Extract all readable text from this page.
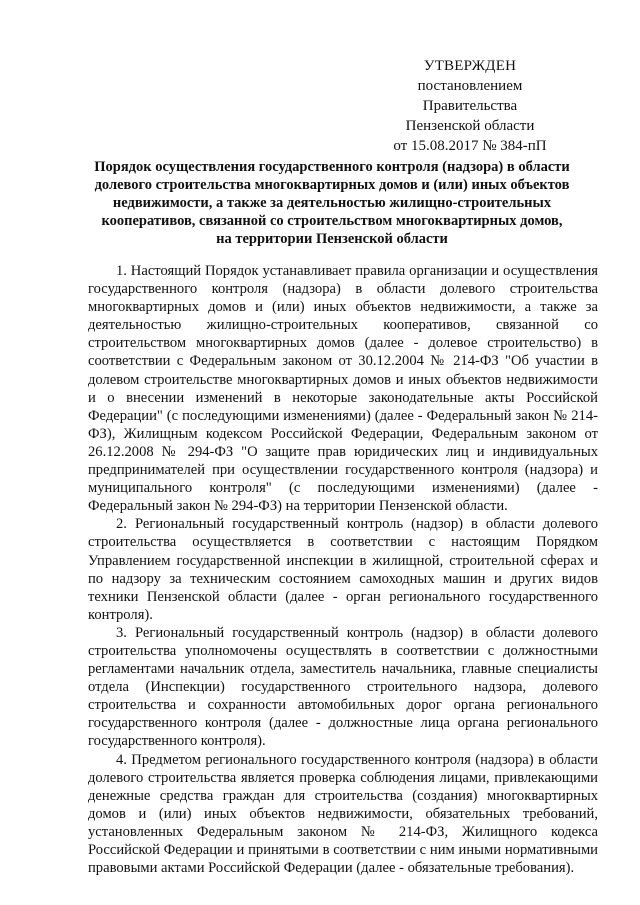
УТВЕРЖДЕН
постановлением Правительства
Пензенской области
от 15.08.2017 № 384-пП
Порядок осуществления государственного контроля (надзора) в области
долевого строительства многоквартирных домов и (или) иных объектов
недвижимости, а также за деятельностью жилищно-строительных
кооперативов, связанной со строительством многоквартирных домов,
на территории Пензенской области

1. Настоящий Порядок устанавливает правила организации и осуществления государственного контроля (надзора) в области долевого строительства многоквартирных домов и (или) иных объектов недвижимости, а также за деятельностью жилищно-строительных кооперативов, связанной со строительством многоквартирных домов (далее - долевое строительство) в соответствии с Федеральным законом от 30.12.2004 № 214-ФЗ "Об участии в долевом строительстве многоквартирных домов и иных объектов недвижимости и о внесении изменений в некоторые законодательные акты Российской Федерации" (с последующими изменениями) (далее - Федеральный закон № 214-ФЗ), Жилищным кодексом Российской Федерации, Федеральным законом от 26.12.2008 № 294-ФЗ "О защите прав юридических лиц и индивидуальных предпринимателей при осуществлении государственного контроля (надзора) и муниципального контроля" (с последующими изменениями) (далее - Федеральный закон № 294-ФЗ) на территории Пензенской области.

2. Региональный государственный контроль (надзор) в области долевого строительства осуществляется в соответствии с настоящим Порядком Управлением государственной инспекции в жилищной, строительной сферах и по надзору за техническим состоянием самоходных машин и других видов техники Пензенской области (далее - орган регионального государственного контроля).

3. Региональный государственный контроль (надзор) в области долевого строительства уполномочены осуществлять в соответствии с должностными регламентами начальник отдела, заместитель начальника, главные специалисты отдела (Инспекции) государственного строительного надзора, долевого строительства и сохранности автомобильных дорог органа регионального государственного контроля (далее - должностные лица органа регионального государственного контроля).

4. Предметом регионального государственного контроля (надзора) в области долевого строительства является проверка соблюдения лицами, привлекающими денежные средства граждан для строительства (создания) многоквартирных домов и (или) иных объектов недвижимости, обязательных требований, установленных Федеральным законом № 214-ФЗ, Жилищного кодекса Российской Федерации и принятыми в соответствии с ним иными нормативными правовыми актами Российской Федерации (далее - обязательные требования).
